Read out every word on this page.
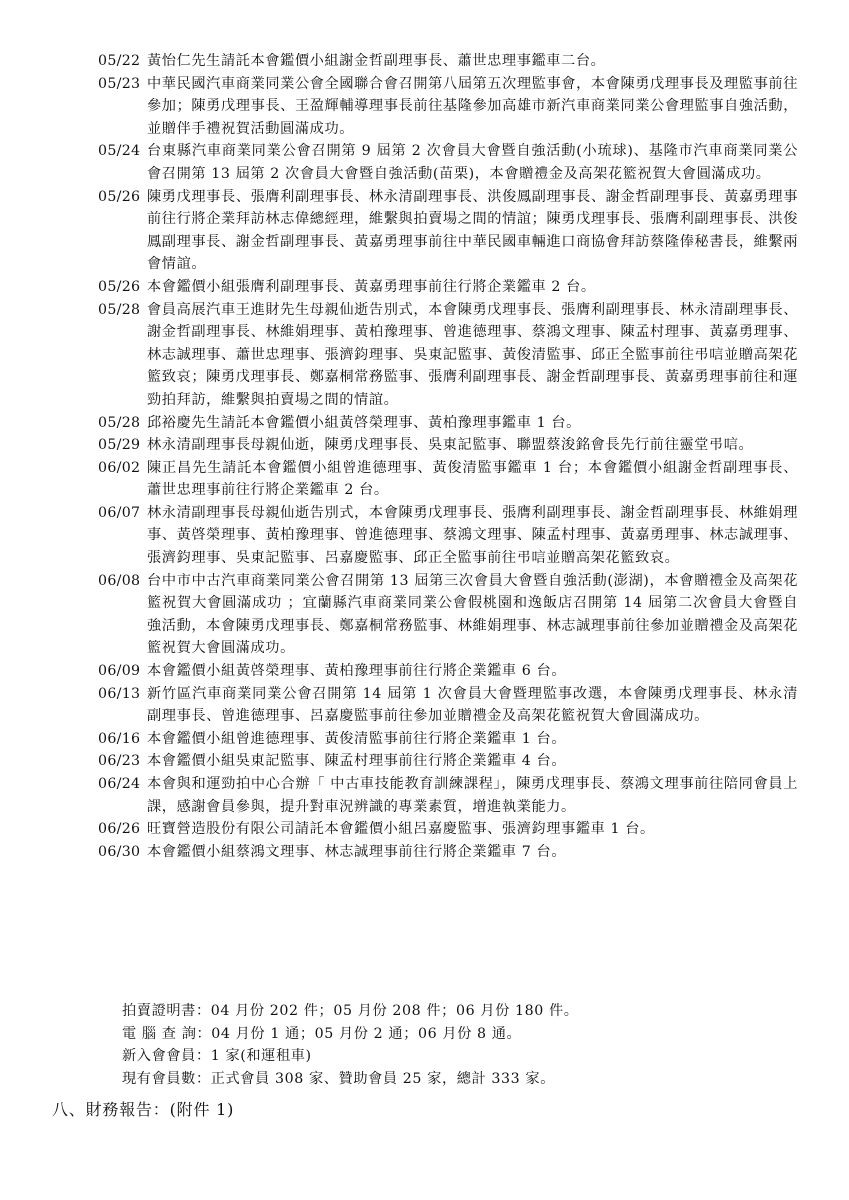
05/22 黃怡仁先生請託本會鑑價小組謝金哲副理事長、蕭世忠理事鑑車二台。
05/23 中華民國汽車商業同業公會全國聯合會召開第八屆第五次理監事會，本會陳勇戊理事長及理監事前往參加；陳勇戊理事長、王盈輝輔導理事長前往基隆參加高雄市新汽車商業同業公會理監事自強活動，並贈伴手禮祝賀活動圓滿成功。
05/24 台東縣汽車商業同業公會召開第 9 屆第 2 次會員大會暨自強活動(小琉球)、基隆市汽車商業同業公會召開第 13 屆第 2 次會員大會暨自強活動(苗栗)，本會贈禮金及高架花籃祝賀大會圓滿成功。
05/26 陳勇戊理事長、張膺利副理事長、林永清副理事長、洪俊鳳副理事長、謝金哲副理事長、黃嘉勇理事前往行將企業拜訪林志偉總經理，維繫與拍賣場之間的情誼；陳勇戊理事長、張膺利副理事長、洪俊鳳副理事長、謝金哲副理事長、黃嘉勇理事前往中華民國車輛進口商協會拜訪蔡隆俸秘書長，維繫兩會情誼。
05/26 本會鑑價小組張膺利副理事長、黃嘉勇理事前往行將企業鑑車 2 台。
05/28 會員高展汽車王進財先生母親仙逝告別式，本會陳勇戊理事長、張膺利副理事長、林永清副理事長、謝金哲副理事長、林維娟理事、黃柏豫理事、曾進德理事、蔡鴻文理事、陳孟村理事、黃嘉勇理事、林志誠理事、蕭世忠理事、張濟鈞理事、吳東記監事、黃俊清監事、邱正全監事前往弔唁並贈高架花籃致哀；陳勇戊理事長、鄭嘉桐常務監事、張膺利副理事長、謝金哲副理事長、黃嘉勇理事前往和運勁拍拜訪，維繫與拍賣場之間的情誼。
05/28 邱裕慶先生請託本會鑑價小組黃啓榮理事、黃柏豫理事鑑車 1 台。
05/29 林永清副理事長母親仙逝，陳勇戊理事長、吳東記監事、聯盟蔡浚銘會長先行前往靈堂弔唁。
06/02 陳正昌先生請託本會鑑價小組曾進德理事、黃俊清監事鑑車 1 台；本會鑑價小組謝金哲副理事長、蕭世忠理事前往行將企業鑑車 2 台。
06/07 林永清副理事長母親仙逝告別式，本會陳勇戊理事長、張膺利副理事長、謝金哲副理事長、林維娟理事、黃啓榮理事、黃柏豫理事、曾進德理事、蔡鴻文理事、陳孟村理事、黃嘉勇理事、林志誠理事、張濟鈞理事、吳東記監事、呂嘉慶監事、邱正全監事前往弔唁並贈高架花籃致哀。
06/08 台中市中古汽車商業同業公會召開第 13 屆第三次會員大會暨自強活動(澎湖)，本會贈禮金及高架花籃祝賀大會圓滿成功 ；宜蘭縣汽車商業同業公會假桃園和逸飯店召開第 14 屆第二次會員大會暨自強活動，本會陳勇戊理事長、鄭嘉桐常務監事、林維娟理事、林志誠理事前往參加並贈禮金及高架花籃祝賀大會圓滿成功。
06/09 本會鑑價小組黃啓榮理事、黃柏豫理事前往行將企業鑑車 6 台。
06/13 新竹區汽車商業同業公會召開第 14 屆第 1 次會員大會暨理監事改選，本會陳勇戊理事長、林永清副理事長、曾進德理事、呂嘉慶監事前往參加並贈禮金及高架花籃祝賀大會圓滿成功。
06/16 本會鑑價小組曾進德理事、黃俊清監事前往行將企業鑑車 1 台。
06/23 本會鑑價小組吳東記監事、陳孟村理事前往行將企業鑑車 4 台。
06/24 本會與和運勁拍中心合辦「 中古車技能教育訓練課程」，陳勇戊理事長、蔡鴻文理事前往陪同會員上課，感謝會員參與，提升對車況辨識的專業素質，增進執業能力。
06/26 旺寶營造股份有限公司請託本會鑑價小組呂嘉慶監事、張濟鈞理事鑑車 1 台。
06/30 本會鑑價小組蔡鴻文理事、林志誠理事前往行將企業鑑車 7 台。
拍賣證明書：04 月份 202 件；05 月份 208 件；06 月份 180 件。
電 腦 查 詢：04 月份 1 通；05 月份 2 通；06 月份 8 通。
新入會會員：1 家(和運租車)
現有會員數：正式會員 308 家、贊助會員 25 家，總計 333 家。
八、財務報告：(附件 1)
